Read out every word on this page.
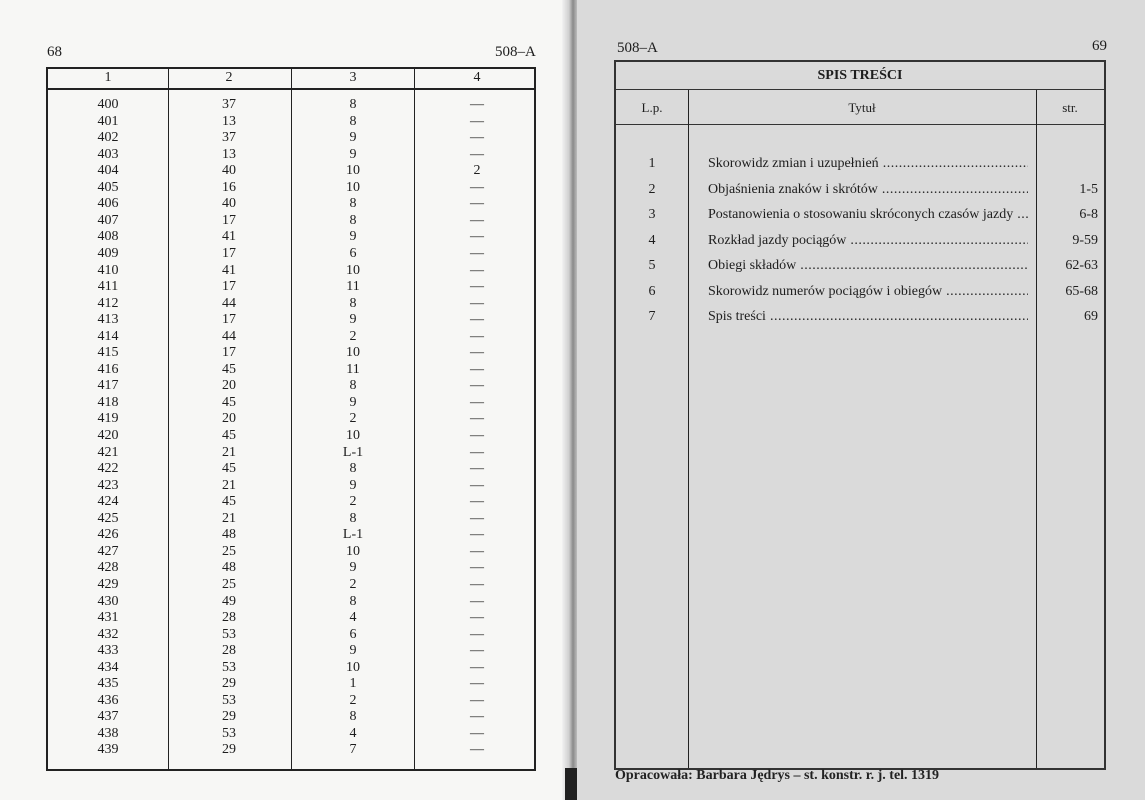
68	508–A
1	2	3	4
400	37	8	—
401	13	8	—
402	37	9	—
403	13	9	—
404	40	10	2
405	16	10	—
406	40	8	—
407	17	8	—
408	41	9	—
409	17	6	—
410	41	10	—
411	17	11	—
412	44	8	—
413	17	9	—
414	44	2	—
415	17	10	—
416	45	11	—
417	20	8	—
418	45	9	—
419	20	2	—
420	45	10	—
421	21	L-1	—
422	45	8	—
423	21	9	—
424	45	2	—
425	21	8	—
426	48	L-1	—
427	25	10	—
428	48	9	—
429	25	2	—
430	49	8	—
431	28	4	—
432	53	6	—
433	28	9	—
434	53	10	—
435	29	1	—
436	53	2	—
437	29	8	—
438	53	4	—
439	29	7	—
508–A	69
SPIS TREŚCI
L.p.	Tytuł	str.
1	Skorowidz zmian i uzupełnień .....
2	Objaśnienia znaków i skrótów .....	1-5
3	Postanowienia o stosowaniu skróconych czasów jazdy .....	6-8
4	Rozkład jazdy pociągów .....	9-59
5	Obiegi składów .....	62-63
6	Skorowidz numerów pociągów i obiegów .....	65-68
7	Spis treści .....	69
Opracowała: Barbara Jędrys – st. konstr. r. j. tel. 1319
